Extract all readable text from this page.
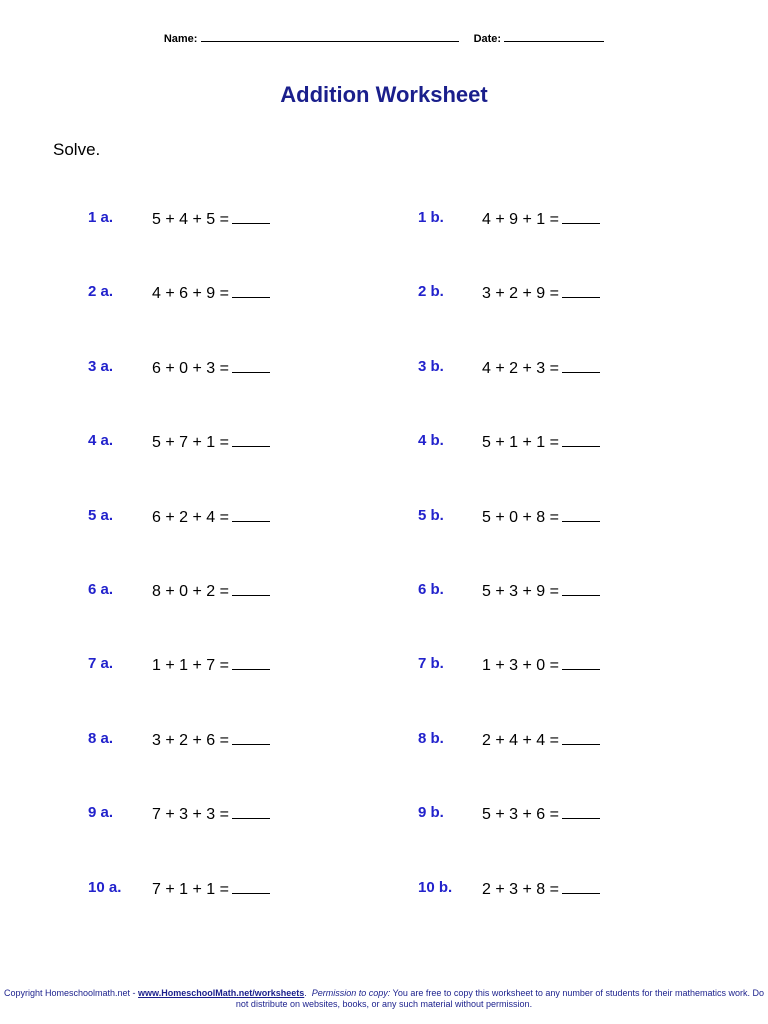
Name:	Date:
Addition Worksheet
Solve.
1 a. 5 + 4 + 5 =	1 b. 4 + 9 + 1 =
2 a. 4 + 6 + 9 =	2 b. 3 + 2 + 9 =
3 a. 6 + 0 + 3 =	3 b. 4 + 2 + 3 =
4 a. 5 + 7 + 1 =	4 b. 5 + 1 + 1 =
5 a. 6 + 2 + 4 =	5 b. 5 + 0 + 8 =
6 a. 8 + 0 + 2 =	6 b. 5 + 3 + 9 =
7 a. 1 + 1 + 7 =	7 b. 1 + 3 + 0 =
8 a. 3 + 2 + 6 =	8 b. 2 + 4 + 4 =
9 a. 7 + 3 + 3 =	9 b. 5 + 3 + 6 =
10 a. 7 + 1 + 1 =	10 b. 2 + 3 + 8 =
Copyright Homeschoolmath.net - www.HomeschoolMath.net/worksheets. Permission to copy: You are free to copy this worksheet to any number of students for their mathematics work. Do not distribute on websites, books, or any such material without permission.
